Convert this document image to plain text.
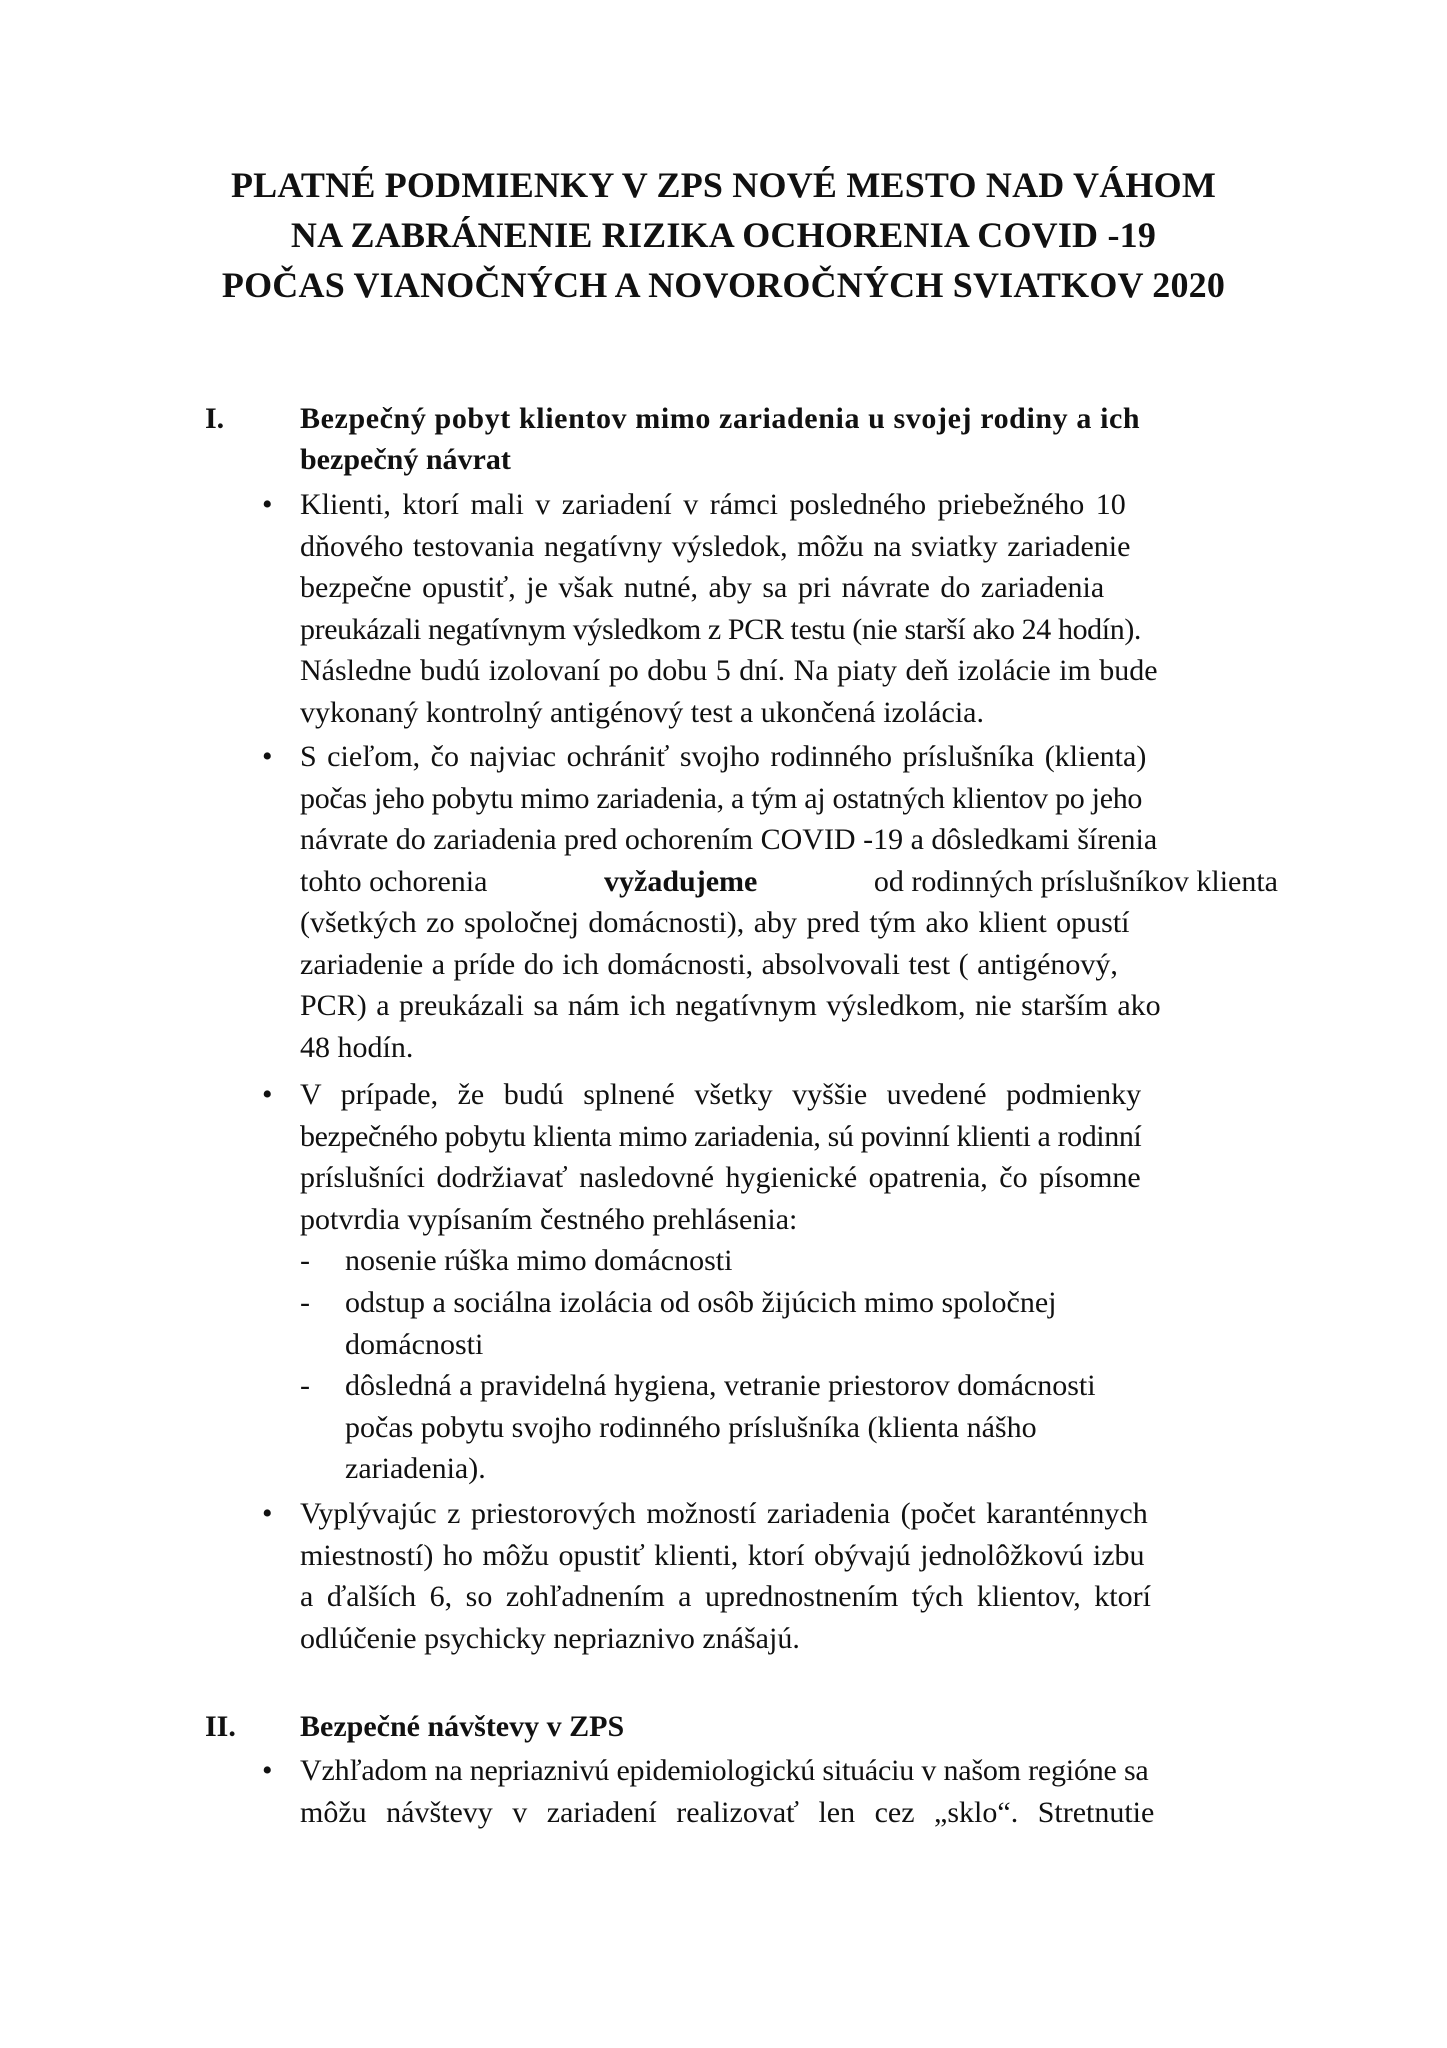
PLATNÉ PODMIENKY V ZPS NOVÉ MESTO NAD VÁHOM
NA ZABRÁNENIE RIZIKA OCHORENIA COVID -19
POČAS VIANOČNÝCH A NOVOROČNÝCH SVIATKOV 2020
I.	Bezpečný pobyt klientov mimo zariadenia u svojej rodiny a ich
bezpečný návrat
• Klienti, ktorí mali v zariadení v rámci posledného priebežného 10
dňového testovania negatívny výsledok, môžu na sviatky zariadenie
bezpečne opustiť, je však nutné, aby sa pri návrate do zariadenia
preukázali negatívnym výsledkom z PCR testu (nie starší ako 24 hodín).
Následne budú izolovaní po dobu 5 dní. Na piaty deň izolácie im bude
vykonaný kontrolný antigénový test a ukončená izolácia.
• S cieľom, čo najviac ochrániť svojho rodinného príslušníka (klienta)
počas jeho pobytu mimo zariadenia, a tým aj ostatných klientov po jeho
návrate do zariadenia pred ochorením COVID -19 a dôsledkami šírenia
tohto ochorenia	vyžadujeme	od rodinných príslušníkov klienta
(všetkých zo spoločnej domácnosti), aby pred tým ako klient opustí
zariadenie a príde do ich domácnosti, absolvovali test ( antigénový,
PCR) a preukázali sa nám ich negatívnym výsledkom, nie starším ako
48 hodín.
• V prípade, že budú splnené všetky vyššie uvedené podmienky
bezpečného pobytu klienta mimo zariadenia, sú povinní klienti a rodinní
príslušníci dodržiavať nasledovné hygienické opatrenia, čo písomne
potvrdia vypísaním čestného prehlásenia:
- nosenie rúška mimo domácnosti
- odstup a sociálna izolácia od osôb žijúcich mimo spoločnej
domácnosti
- dôsledná a pravidelná hygiena, vetranie priestorov domácnosti
počas pobytu svojho rodinného príslušníka (klienta nášho
zariadenia).
• Vyplývajúc z priestorových možností zariadenia (počet karanténnych
miestností) ho môžu opustiť klienti, ktorí obývajú jednolôžkovú izbu
a ďalších 6, so zohľadnením a uprednostnením tých klientov, ktorí
odlúčenie psychicky nepriaznivo znášajú.
II. Bezpečné návštevy v ZPS
• Vzhľadom na nepriaznivú epidemiologickú situáciu v našom regióne sa
môžu návštevy v zariadení realizovať len cez „sklo“. Stretnutie
